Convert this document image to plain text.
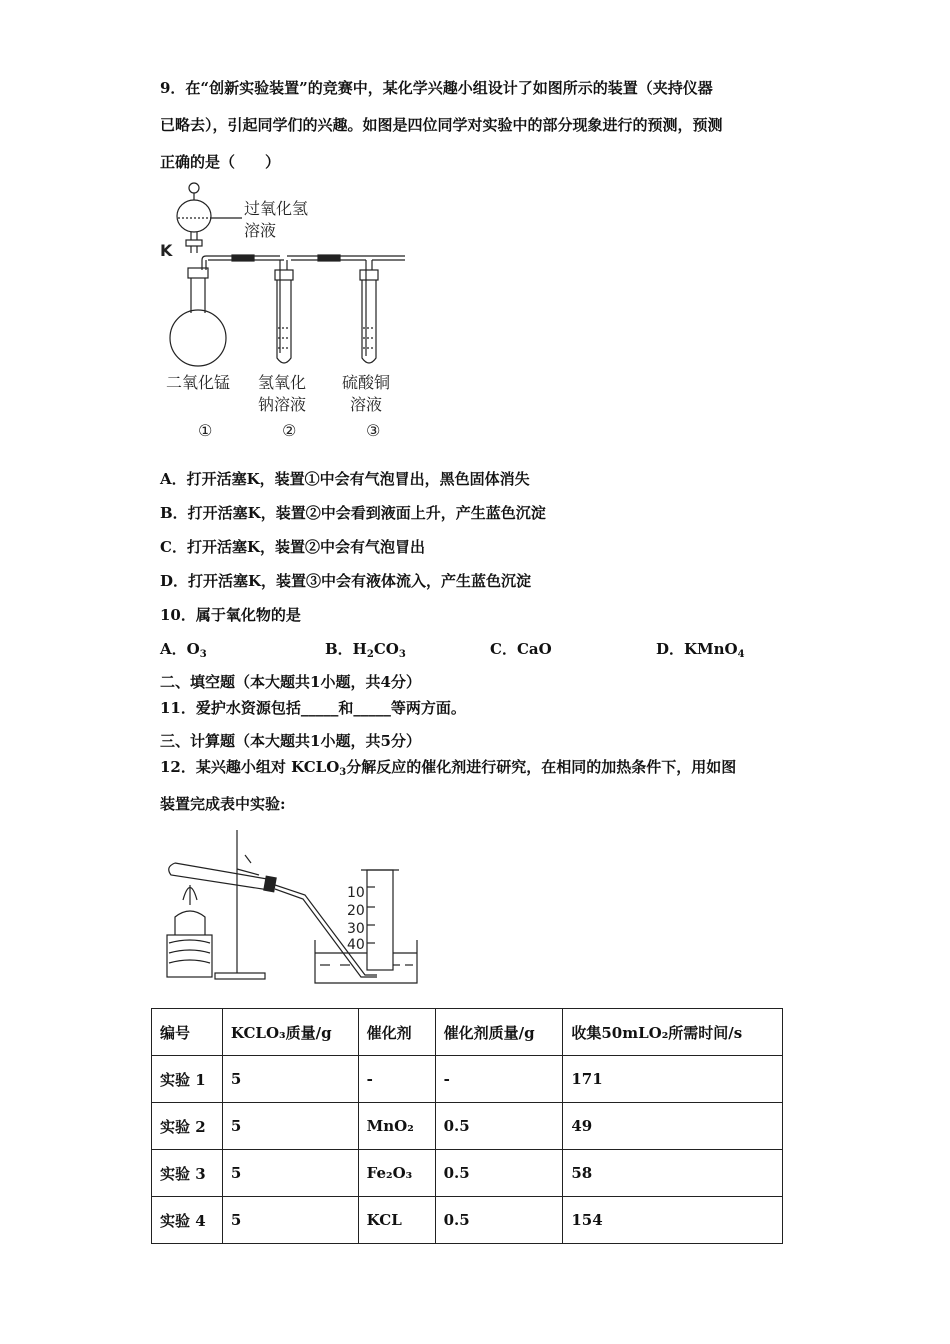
9．在“创新实验装置”的竞赛中，某化学兴趣小组设计了如图所示的装置（夹持仪器
已略去），引起同学们的兴趣。如图是四位同学对实验中的部分现象进行的预测，预测
正确的是（　　）
过氧化氢
溶液
K
二氧化锰 氢氧化
钠溶液
硫酸铜
溶液
①	②	③
A．打开活塞K，装置①中会有气泡冒出，黑色固体消失
B．打开活塞K，装置②中会看到液面上升，产生蓝色沉淀
C．打开活塞K，装置②中会有气泡冒出
D．打开活塞K，装置③中会有液体流入，产生蓝色沉淀
10．属于氧化物的是
A．$O_3$	B．$H_2CO_3$	C．CaO	D．KMnO$_4$
二、填空题（本大题共1小题，共4分）
11．爱护水资源包括_____和_____等两方面。
三、计算题（本大题共1小题，共5分）
12．某兴趣小组对 $KCLO_3$分解反应的催化剂进行研究，在相同的加热条件下，用如图
装置完成表中实验:
10
20
30
40
编号	KCLO₃质量/g	催化剂	催化剂质量/g	收集50mLO₂所需时间/s
实验 1	5	-	-	171
实验 2	5	MnO₂	0.5	49
实验 3	5	Fe₂O₃	0.5	58
实验 4	5	KCL	0.5	154
